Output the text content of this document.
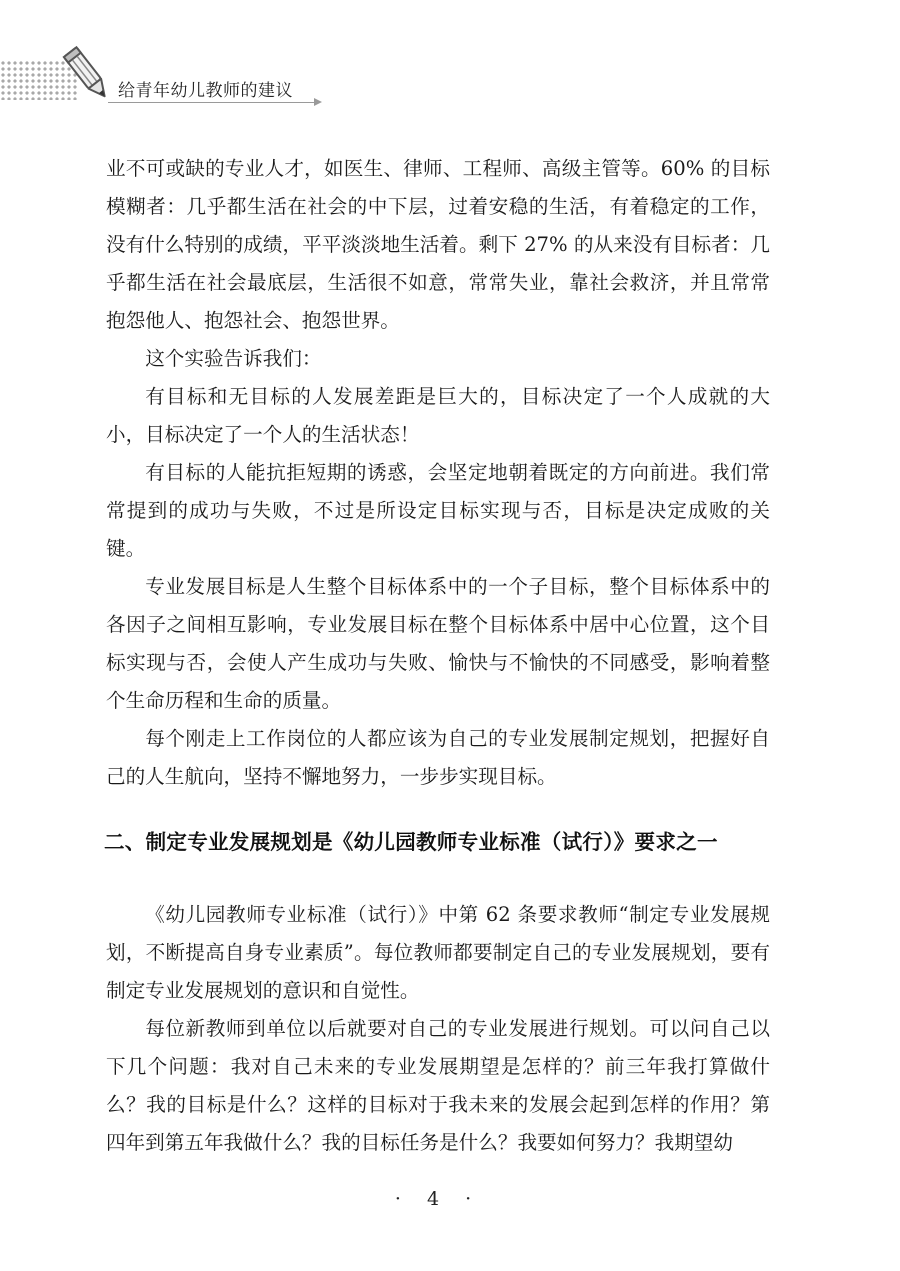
给青年幼儿教师的建议

业不可或缺的专业人才，如医生、律师、工程师、高级主管等。60% 的目标模糊者：几乎都生活在社会的中下层，过着安稳的生活，有着稳定的工作，没有什么特别的成绩，平平淡淡地生活着。剩下 27% 的从来没有目标者：几乎都生活在社会最底层，生活很不如意，常常失业，靠社会救济，并且常常抱怨他人、抱怨社会、抱怨世界。

这个实验告诉我们：

有目标和无目标的人发展差距是巨大的，目标决定了一个人成就的大小，目标决定了一个人的生活状态！

有目标的人能抗拒短期的诱惑，会坚定地朝着既定的方向前进。我们常常提到的成功与失败，不过是所设定目标实现与否，目标是决定成败的关键。

专业发展目标是人生整个目标体系中的一个子目标，整个目标体系中的各因子之间相互影响，专业发展目标在整个目标体系中居中心位置，这个目标实现与否，会使人产生成功与失败、愉快与不愉快的不同感受，影响着整个生命历程和生命的质量。

每个刚走上工作岗位的人都应该为自己的专业发展制定规划，把握好自己的人生航向，坚持不懈地努力，一步步实现目标。

二、制定专业发展规划是《幼儿园教师专业标准（试行）》要求之一

《幼儿园教师专业标准（试行）》中第 62 条要求教师“制定专业发展规划，不断提高自身专业素质”。每位教师都要制定自己的专业发展规划，要有制定专业发展规划的意识和自觉性。

每位新教师到单位以后就要对自己的专业发展进行规划。可以问自己以下几个问题：我对自己未来的专业发展期望是怎样的？前三年我打算做什么？我的目标是什么？这样的目标对于我未来的发展会起到怎样的作用？第四年到第五年我做什么？我的目标任务是什么？我要如何努力？我期望幼

· 4 ·
